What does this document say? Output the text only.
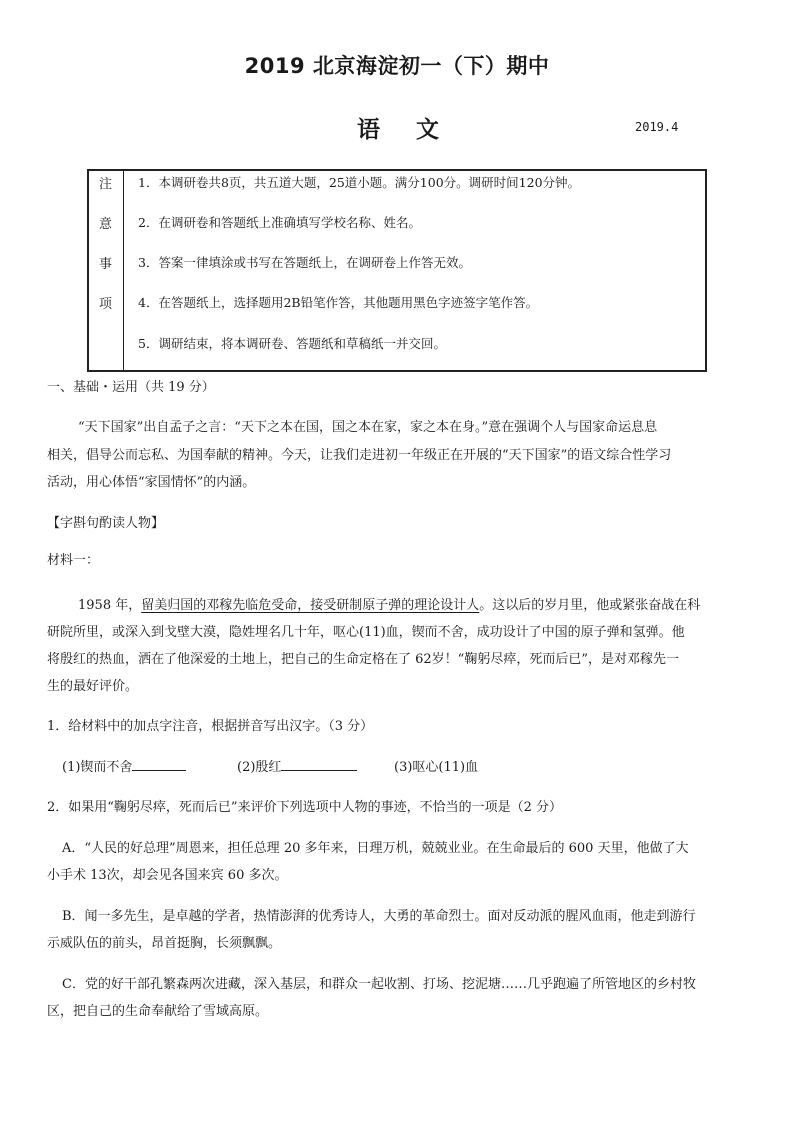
2019 北京海淀初一（下）期中
语文	2019.4
注
意
事
项
1．本调研卷共8页，共五道大题，25道小题。满分100分。调研时间120分钟。
2．在调研卷和答题纸上准确填写学校名称、姓名。
3．答案一律填涂或书写在答题纸上，在调研卷上作答无效。
4．在答题纸上，选择题用2B铅笔作答，其他题用黑色字迹签字笔作答。
5．调研结束，将本调研卷、答题纸和草稿纸一并交回。
一、基础・运用（共 19 分）
“天下国家”出自孟子之言：“天下之本在国，国之本在家，家之本在身。”意在强调个人与国家命运息息
相关，倡导公而忘私、为国奉献的精神。今天，让我们走进初一年级正在开展的“天下国家”的语文综合性学习
活动，用心体悟“家国情怀”的内涵。
【字斟句酌读人物】
材料一：
1958 年，留美归国的邓稼先临危受命，接受研制原子弹的理论设计人。这以后的岁月里，他或紧张奋战在科
研院所里，或深入到戈壁大漠，隐姓埋名几十年，呕心(11)血，锲而不舍，成功设计了中国的原子弹和氢弹。他
将殷红的热血，洒在了他深爱的土地上，把自己的生命定格在了 62岁！“鞠躬尽瘁，死而后已”，是对邓稼先一
生的最好评价。
1．给材料中的加点字注音，根据拼音写出汉字。（3 分）
(1)锲而不舍	(2)殷红	(3)呕心(11)血
2．如果用“鞠躬尽瘁，死而后已”来评价下列选项中人物的事迹，不恰当的一项是（2 分）
A．“人民的好总理”周恩来，担任总理 20 多年来，日理万机，兢兢业业。在生命最后的 600 天里，他做了大
小手术 13次，却会见各国来宾 60 多次。
B．闻一多先生，是卓越的学者，热情澎湃的优秀诗人，大勇的革命烈士。面对反动派的腥风血雨，他走到游行
示威队伍的前头，昂首挺胸，长须飘飘。
C．党的好干部孔繁森两次进藏，深入基层，和群众一起收割、打场、挖泥塘……几乎跑遍了所管地区的乡村牧
区，把自己的生命奉献给了雪域高原。
